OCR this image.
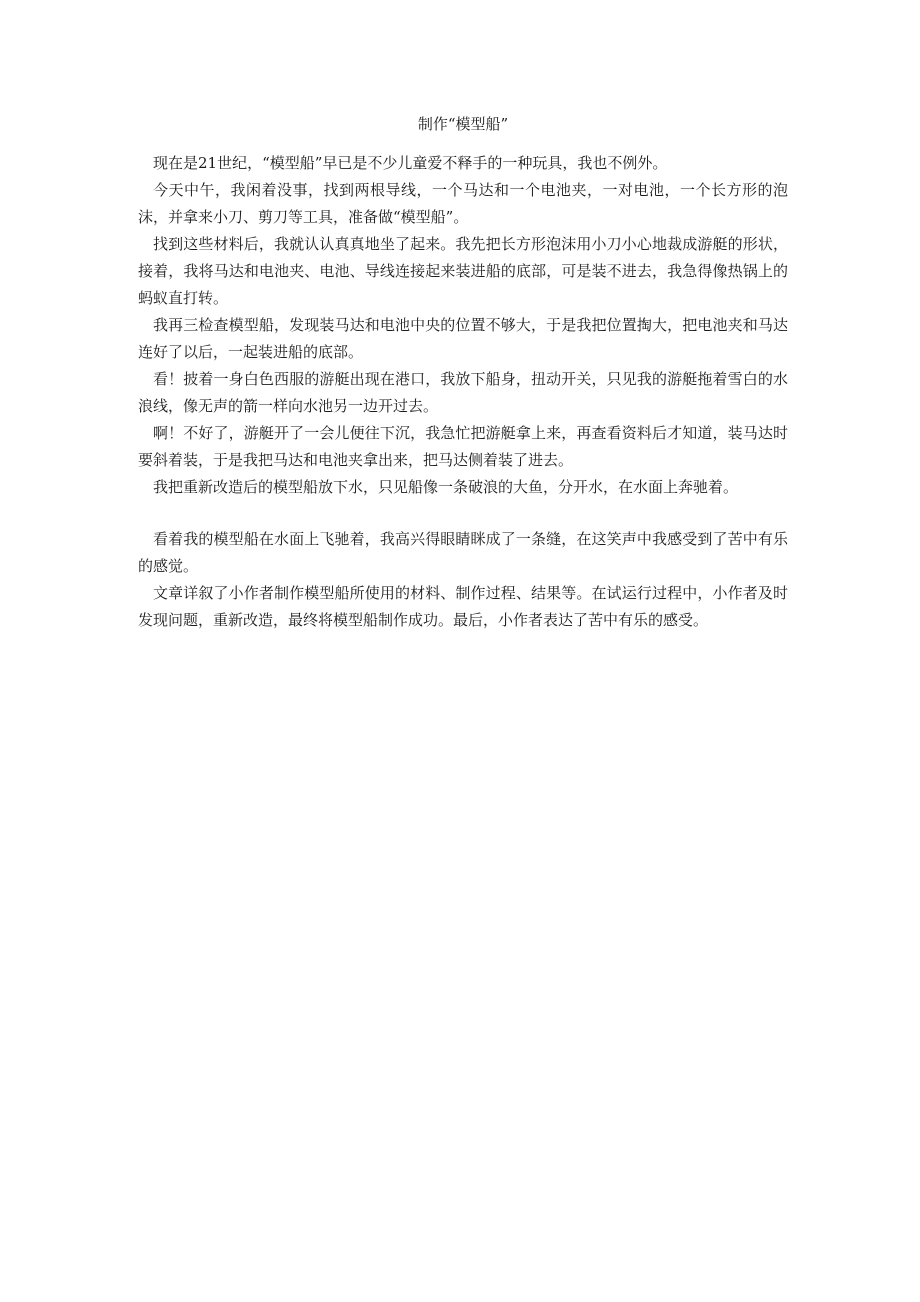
制作“模型船”

现在是21世纪，“模型船”早已是不少儿童爱不释手的一种玩具，我也不例外。

今天中午，我闲着没事，找到两根导线，一个马达和一个电池夹，一对电池，一个长方形的泡沫，并拿来小刀、剪刀等工具，准备做“模型船”。

找到这些材料后，我就认认真真地坐了起来。我先把长方形泡沫用小刀小心地裁成游艇的形状，接着，我将马达和电池夹、电池、导线连接起来装进船的底部，可是装不进去，我急得像热锅上的蚂蚁直打转。

我再三检查模型船，发现装马达和电池中央的位置不够大，于是我把位置掏大，把电池夹和马达连好了以后，一起装进船的底部。

看！披着一身白色西服的游艇出现在港口，我放下船身，扭动开关，只见我的游艇拖着雪白的水浪线，像无声的箭一样向水池另一边开过去。

啊！不好了，游艇开了一会儿便往下沉，我急忙把游艇拿上来，再查看资料后才知道，装马达时要斜着装，于是我把马达和电池夹拿出来，把马达侧着装了进去。

我把重新改造后的模型船放下水，只见船像一条破浪的大鱼，分开水，在水面上奔驰着。

看着我的模型船在水面上飞驰着，我高兴得眼睛眯成了一条缝，在这笑声中我感受到了苦中有乐的感觉。

文章详叙了小作者制作模型船所使用的材料、制作过程、结果等。在试运行过程中，小作者及时发现问题，重新改造，最终将模型船制作成功。最后，小作者表达了苦中有乐的感受。
